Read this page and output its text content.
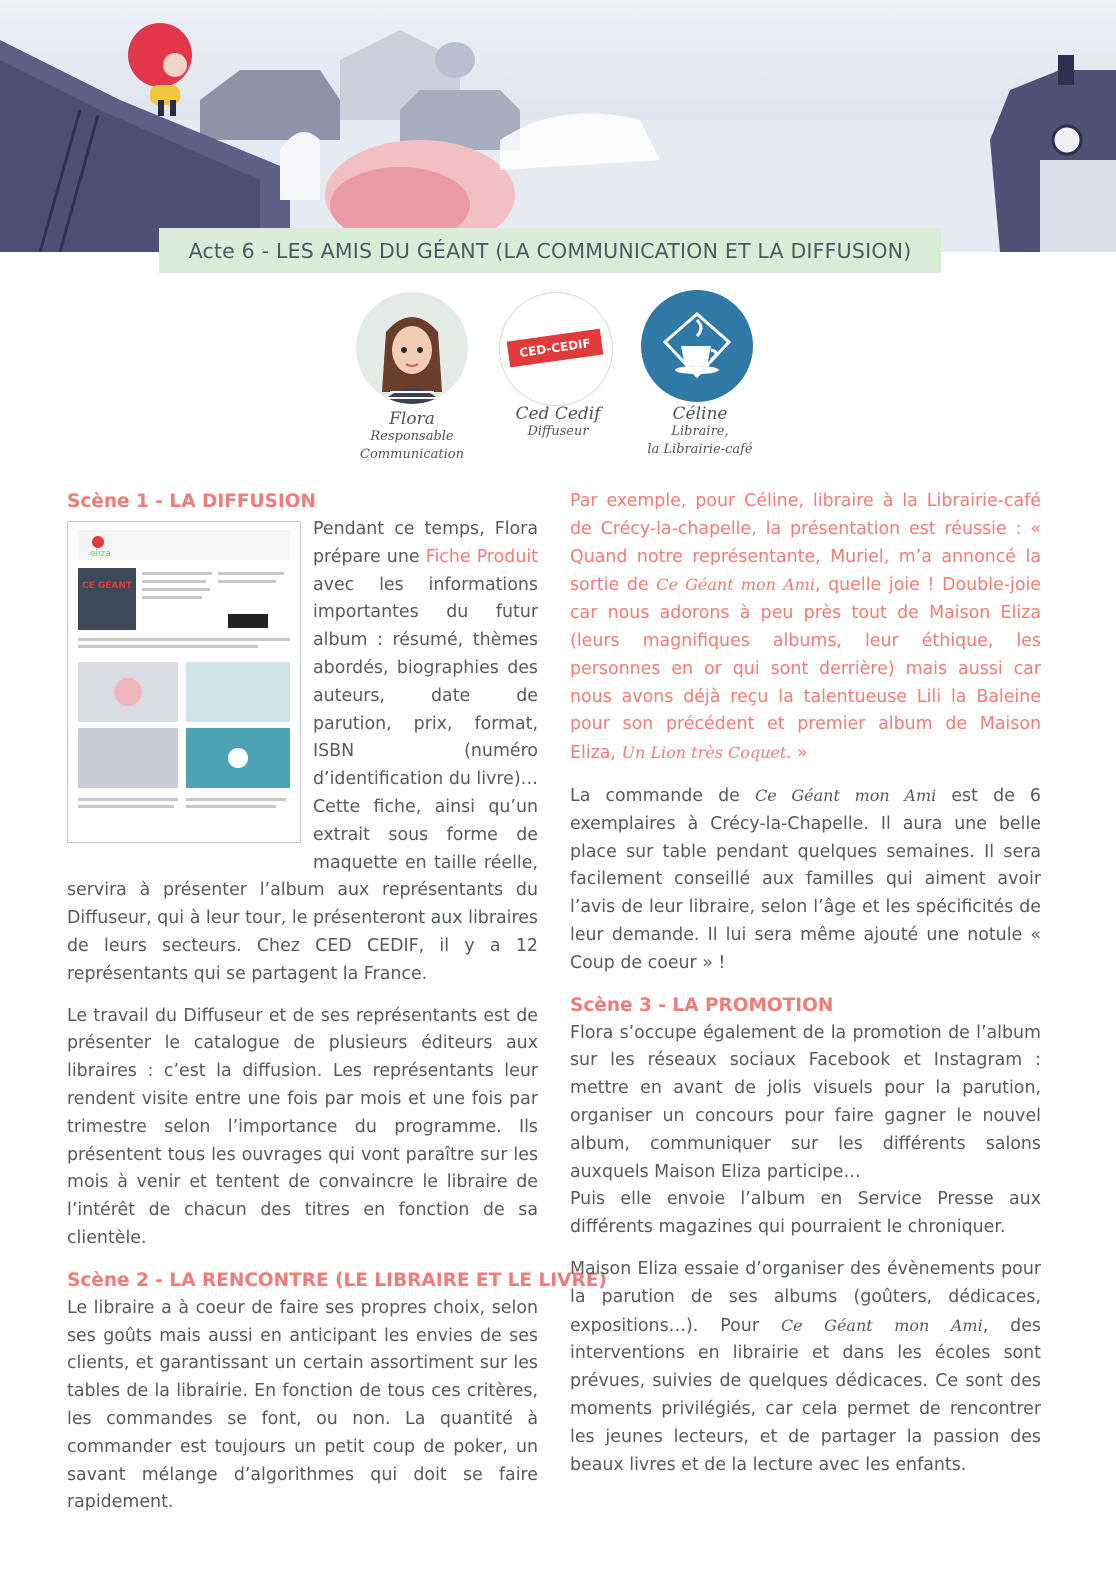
Acte 6 - LES AMIS DU GÉANT (LA COMMUNICATION ET LA DIFFUSION)
CED-CEDIF
Flora
Responsable
Communication
Ced Cedif
Diffuseur
Céline
Libraire,
la Librairie-café
Scène 1 - LA DIFFUSION
eliza
CE GÉANT

Pendant ce temps, Flora prépare une Fiche Produit avec les informations importantes du futur album : résumé, thèmes abordés, biographies des auteurs, date de parution, prix, format, ISBN (numéro d’identification du livre)… Cette fiche, ainsi qu’un extrait sous forme de maquette en taille réelle, servira à présenter l’album aux représentants du Diffuseur, qui à leur tour, le présenteront aux libraires de leurs secteurs. Chez CED CEDIF, il y a 12 représentants qui se partagent la France.

Le travail du Diffuseur et de ses représentants est de présenter le catalogue de plusieurs éditeurs aux libraires : c’est la diffusion. Les représentants leur rendent visite entre une fois par mois et une fois par trimestre selon l’importance du programme. Ils présentent tous les ouvrages qui vont paraître sur les mois à venir et tentent de convaincre le libraire de l’intérêt de chacun des titres en fonction de sa clientèle.

Scène 2 - LA RENCONTRE (LE LIBRAIRE ET LE LIVRE)

Le libraire a à coeur de faire ses propres choix, selon ses goûts mais aussi en anticipant les envies de ses clients, et garantissant un certain assortiment sur les tables de la librairie. En fonction de tous ces critères, les commandes se font, ou non. La quantité à commander est toujours un petit coup de poker, un savant mélange d’algorithmes qui doit se faire rapidement.

Par exemple, pour Céline, libraire à la Librairie-café de Crécy-la-chapelle, la présentation est réussie : « Quand notre représentante, Muriel, m’a annoncé la sortie de Ce Géant mon Ami, quelle joie ! Double-joie car nous adorons à peu près tout de Maison Eliza (leurs magnifiques albums, leur éthique, les personnes en or qui sont derrière) mais aussi car nous avons déjà reçu la talentueuse Lili la Baleine pour son précédent et premier album de Maison Eliza, Un Lion très Coquet. »

La commande de Ce Géant mon Ami est de 6 exemplaires à Crécy-la-Chapelle. Il aura une belle place sur table pendant quelques semaines. Il sera facilement conseillé aux familles qui aiment avoir l’avis de leur libraire, selon l’âge et les spécificités de leur demande. Il lui sera même ajouté une notule « Coup de coeur » !

Scène 3 - LA PROMOTION

Flora s’occupe également de la promotion de l’album sur les réseaux sociaux Facebook et Instagram : mettre en avant de jolis visuels pour la parution, organiser un concours pour faire gagner le nouvel album, communiquer sur les différents salons auxquels Maison Eliza participe…

Puis elle envoie l’album en Service Presse aux différents magazines qui pourraient le chroniquer.

Maison Eliza essaie d’organiser des évènements pour la parution de ses albums (goûters, dédicaces, expositions…). Pour Ce Géant mon Ami, des interventions en librairie et dans les écoles sont prévues, suivies de quelques dédicaces. Ce sont des moments privilégiés, car cela permet de rencontrer les jeunes lecteurs, et de partager la passion des beaux livres et de la lecture avec les enfants.
